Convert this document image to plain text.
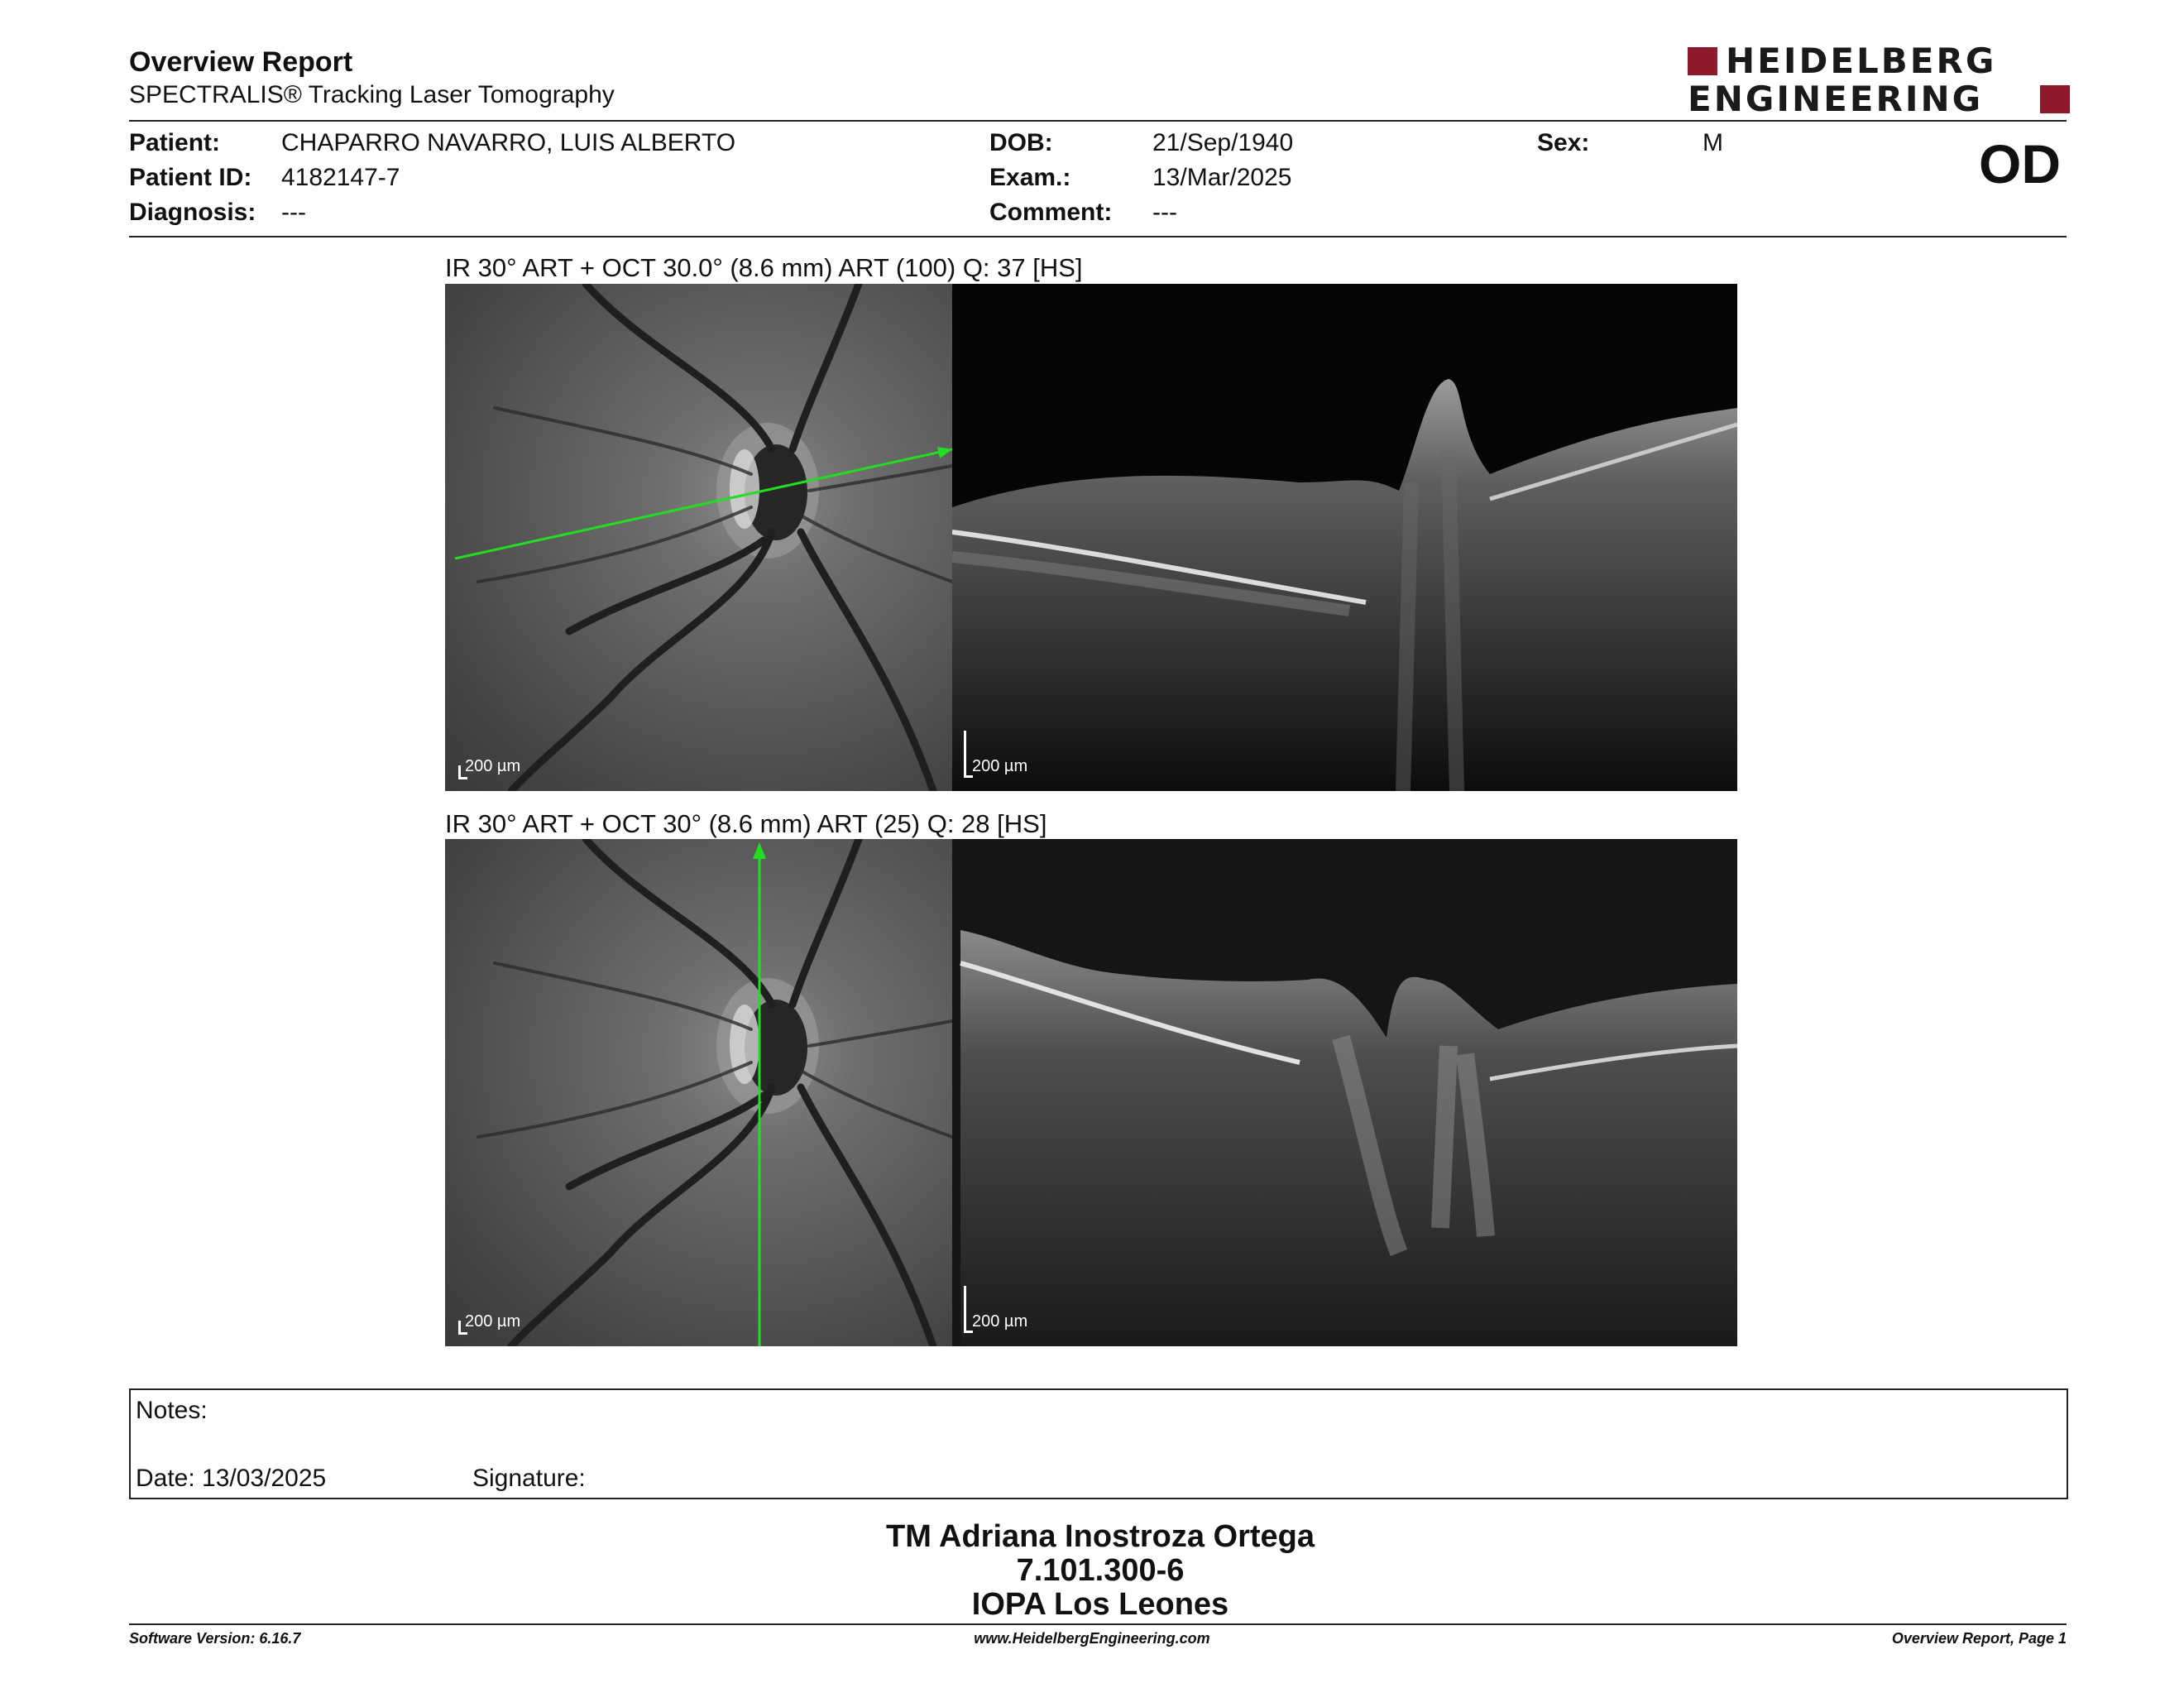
Overview Report
SPECTRALIS® Tracking Laser Tomography
HEIDELBERG
ENGINEERING
Patient: CHAPARRO NAVARRO, LUIS ALBERTO
Patient ID: 4182147-7
Diagnosis: ---
DOB:	21/Sep/1940
Exam.:	13/Mar/2025
Comment: ---
Sex:	M	OD
IR 30° ART + OCT 30.0° (8.6 mm) ART (100) Q: 37 [HS]
200 µm	200 µm
IR 30° ART + OCT 30° (8.6 mm) ART (25) Q: 28 [HS]
200 µm	200 µm
Notes:
Date: 13/03/2025	Signature:
TM Adriana Inostroza Ortega
7.101.300-6
IOPA Los Leones
Software Version: 6.16.7	www.HeidelbergEngineering.com	Overview Report, Page 1
